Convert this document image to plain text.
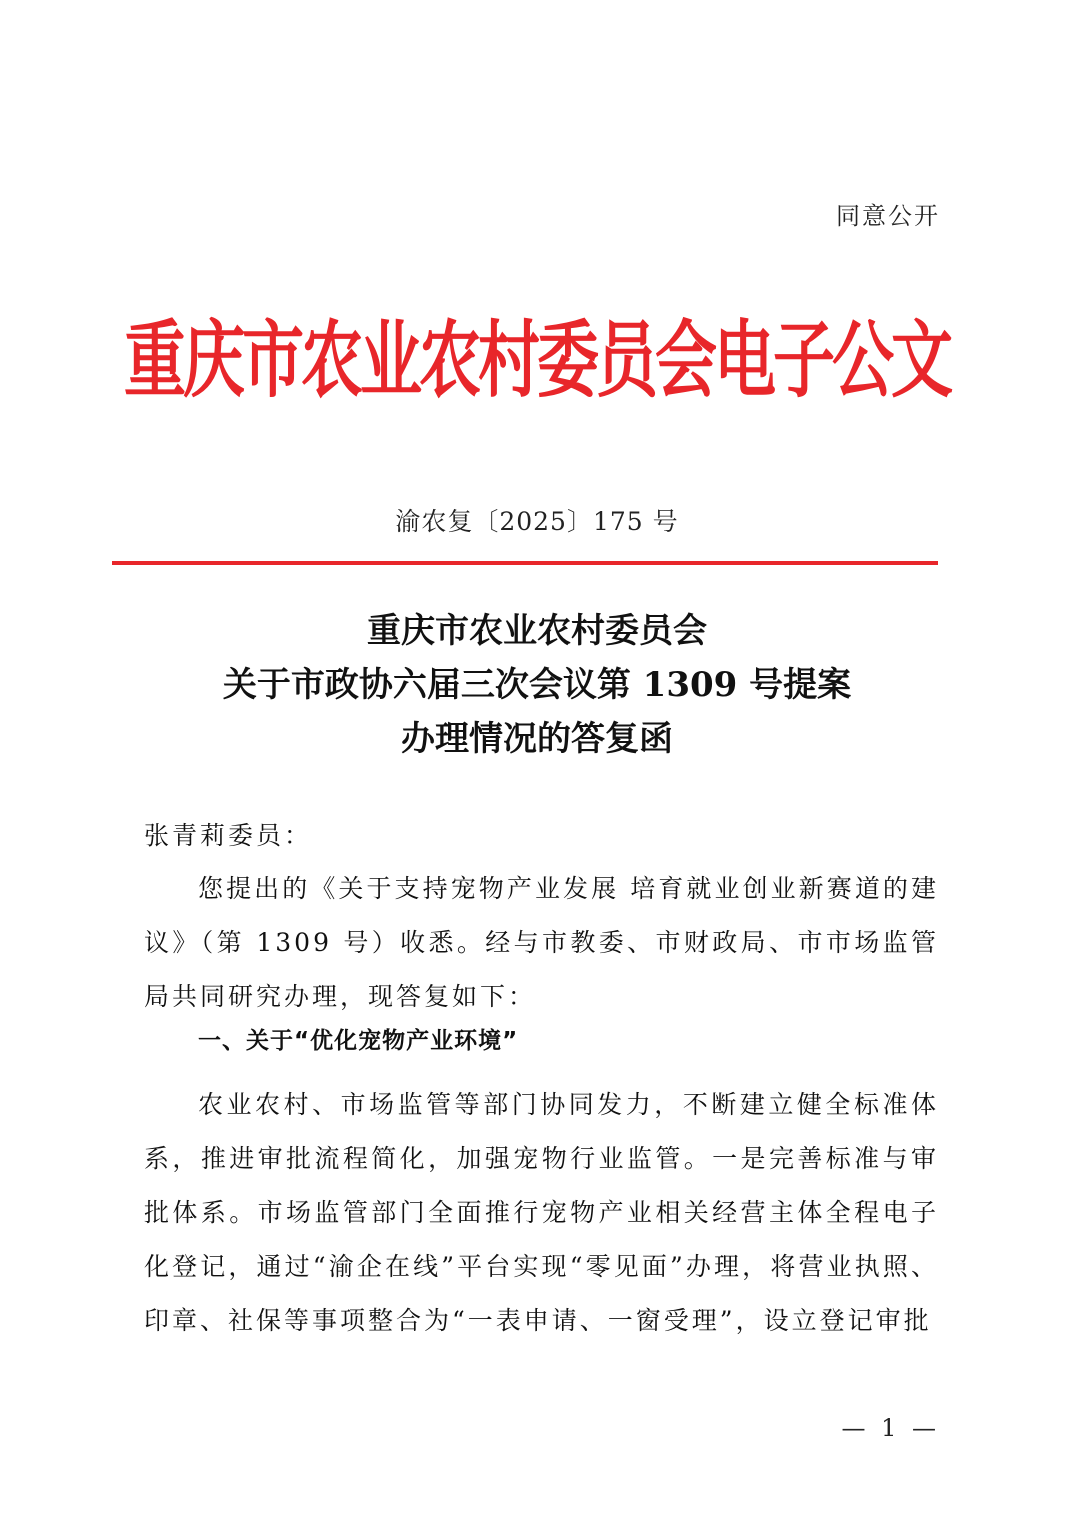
同意公开
重庆市农业农村委员会电子公文
渝农复〔2025〕175 号
重庆市农业农村委员会
关于市政协六届三次会议第 1309 号提案
办理情况的答复函
张青莉委员：

您提出的《关于支持宠物产业发展 培育就业创业新赛道的建议》（第 1309 号）收悉。经与市教委、市财政局、市市场监管局共同研究办理，现答复如下：

一、关于“优化宠物产业环境”

农业农村、市场监管等部门协同发力，不断建立健全标准体系，推进审批流程简化，加强宠物行业监管。一是完善标准与审批体系。市场监管部门全面推行宠物产业相关经营主体全程电子化登记，通过“渝企在线”平台实现“零见面”办理，将营业执照、印章、社保等事项整合为“一表申请、一窗受理”，设立登记审批

— 1 —
